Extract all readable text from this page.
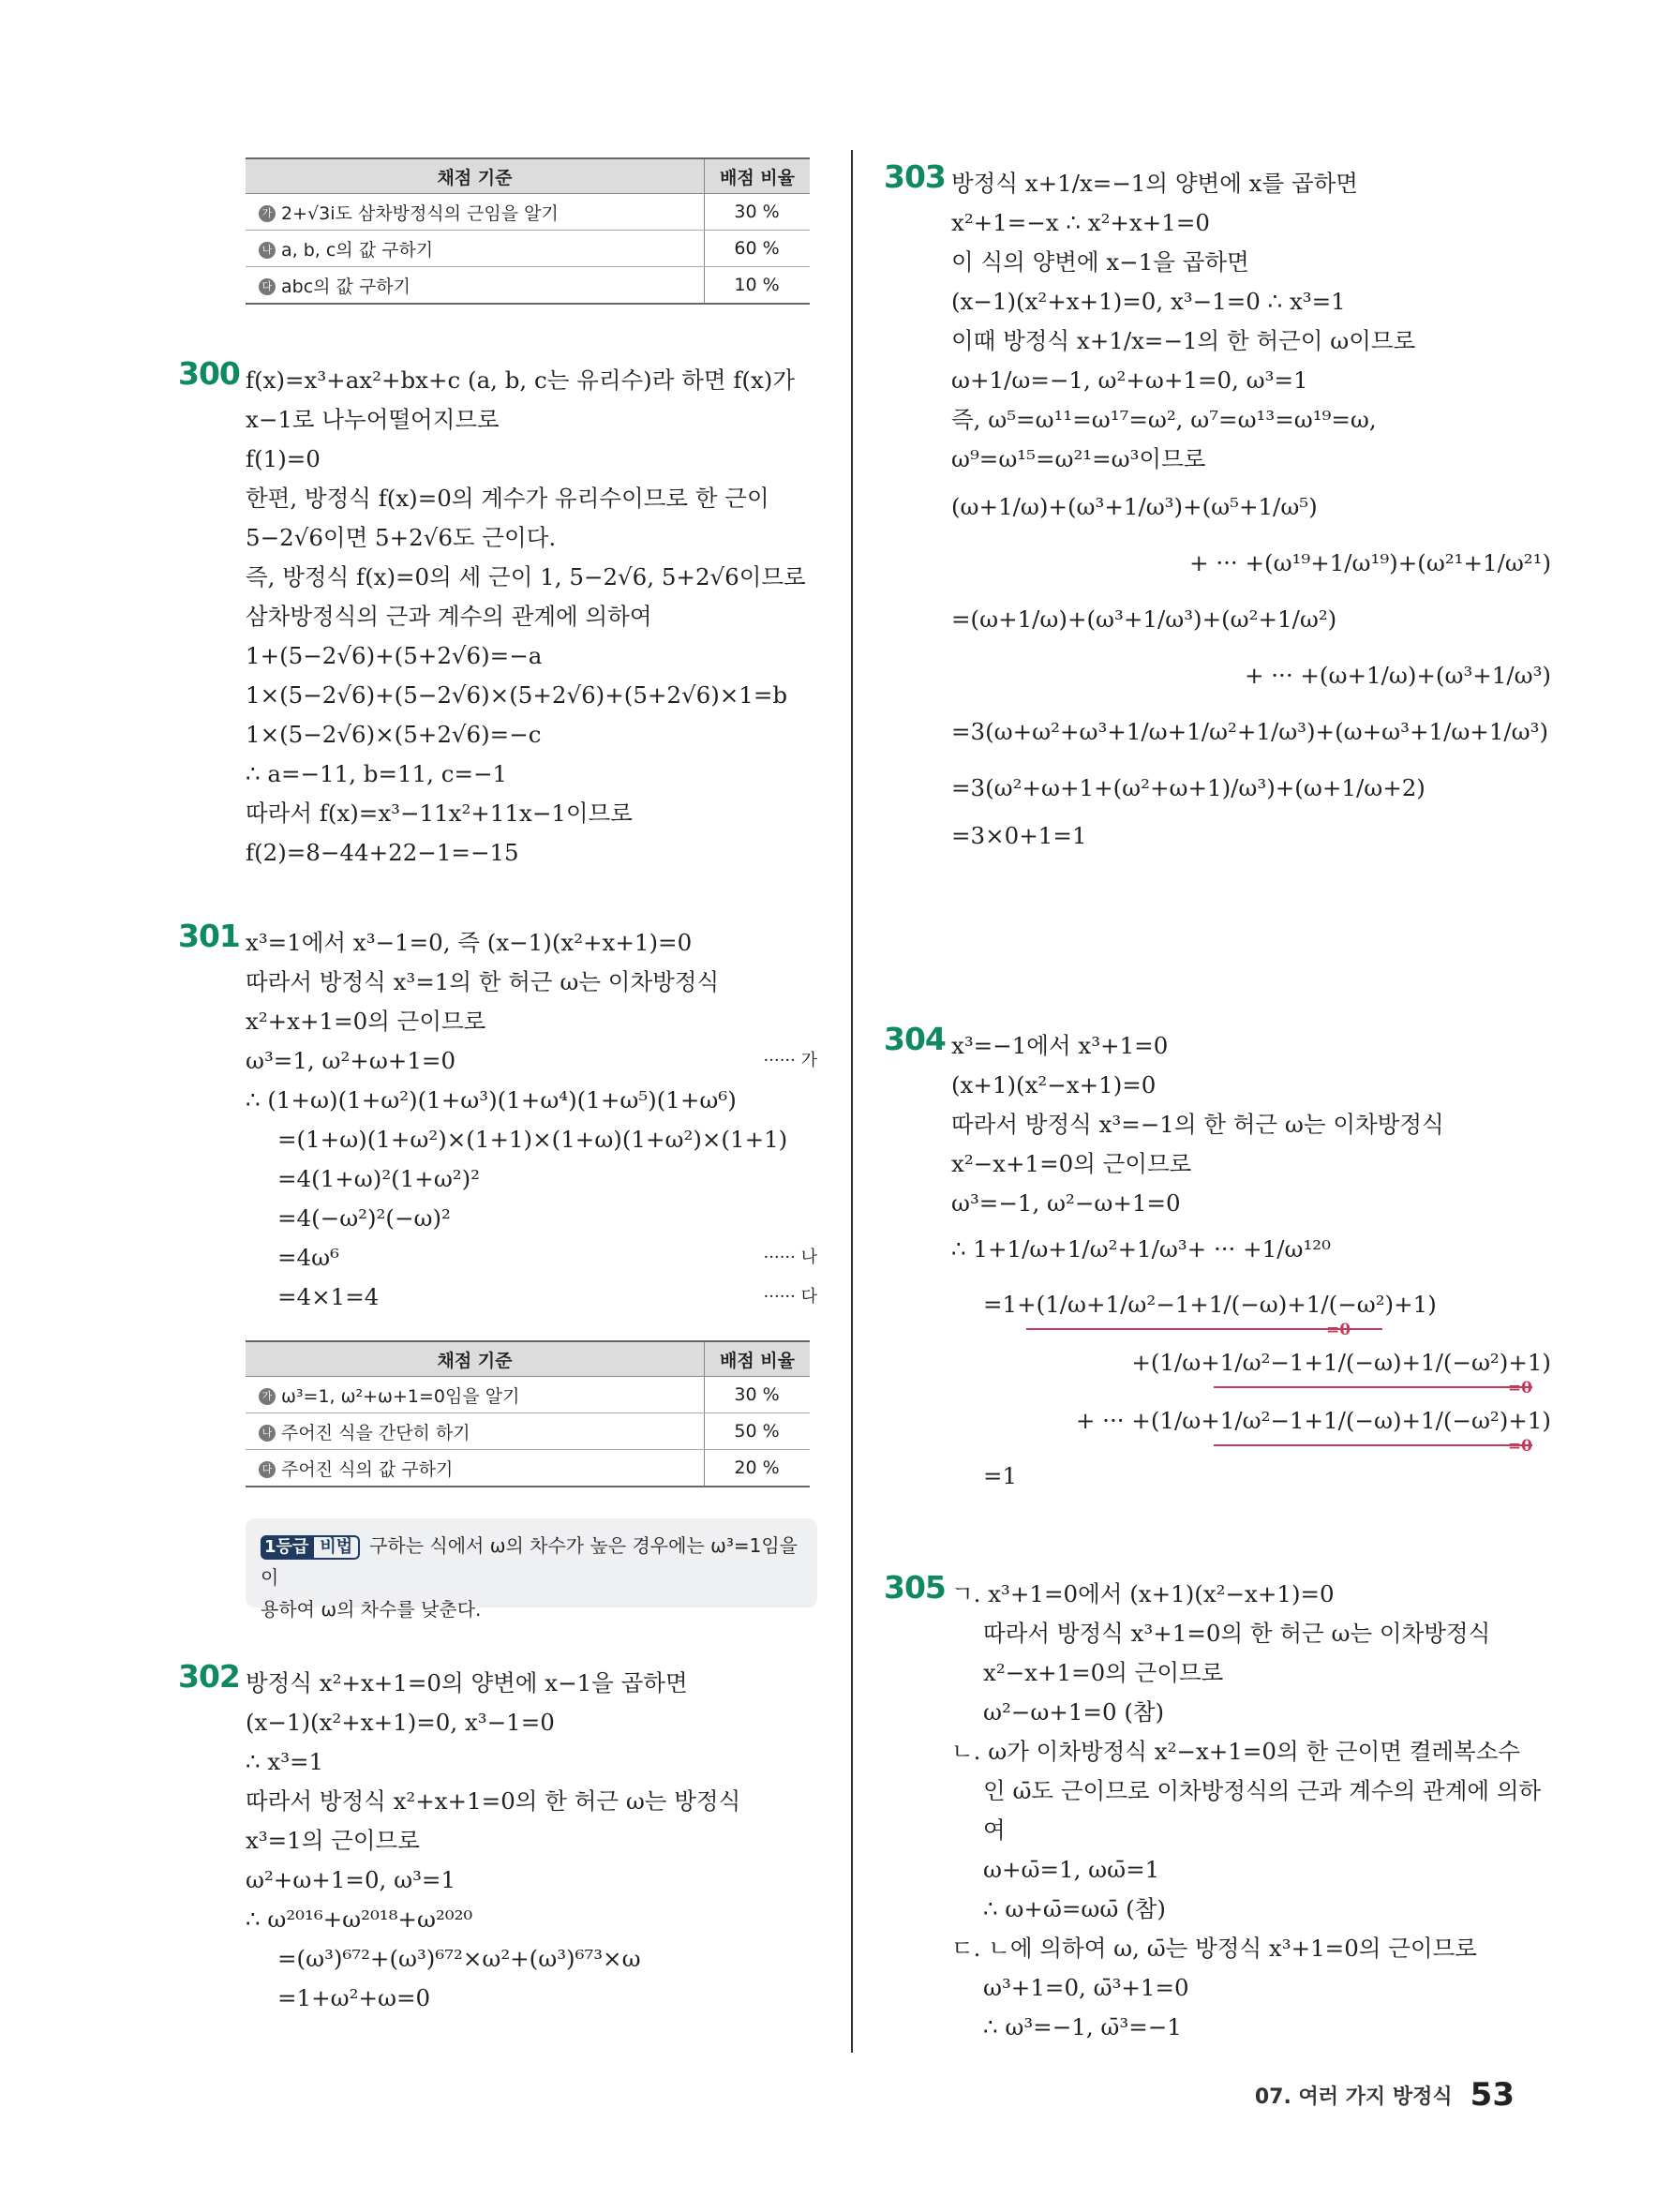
채점 기준	배점 비율
가 2+√3i도 삼차방정식의 근임을 알기	30 %
나 a, b, c의 값 구하기	60 %
다 abc의 값 구하기	10 %
300 f(x)=x³+ax²+bx+c (a, b, c는 유리수)라 하면 f(x)가
x−1로 나누어떨어지므로
f(1)=0
한편, 방정식 f(x)=0의 계수가 유리수이므로 한 근이
5−2√6이면 5+2√6도 근이다.
즉, 방정식 f(x)=0의 세 근이 1, 5−2√6, 5+2√6이므로
삼차방정식의 근과 계수의 관계에 의하여
1+(5−2√6)+(5+2√6)=−a
1×(5−2√6)+(5−2√6)×(5+2√6)+(5+2√6)×1=b
1×(5−2√6)×(5+2√6)=−c
∴ a=−11, b=11, c=−1
따라서 f(x)=x³−11x²+11x−1이므로
f(2)=8−44+22−1=−15
301 x³=1에서 x³−1=0, 즉 (x−1)(x²+x+1)=0
따라서 방정식 x³=1의 한 허근 ω는 이차방정식
x²+x+1=0의 근이므로
ω³=1, ω²+ω+1=0	······ 가
∴ (1+ω)(1+ω²)(1+ω³)(1+ω⁴)(1+ω⁵)(1+ω⁶)
=(1+ω)(1+ω²)×(1+1)×(1+ω)(1+ω²)×(1+1)
=4(1+ω)²(1+ω²)²
=4(−ω²)²(−ω)²
=4ω⁶	······ 나
=4×1=4	······ 다
채점 기준	배점 비율
가 ω³=1, ω²+ω+1=0임을 알기	30 %
나 주어진 식을 간단히 하기	50 %
다 주어진 식의 값 구하기	20 %
1등급 비법 구하는 식에서 ω의 차수가 높은 경우에는 ω³=1임을 이
용하여 ω의 차수를 낮춘다.
302 방정식 x²+x+1=0의 양변에 x−1을 곱하면
(x−1)(x²+x+1)=0, x³−1=0
∴ x³=1
따라서 방정식 x²+x+1=0의 한 허근 ω는 방정식
x³=1의 근이므로
ω²+ω+1=0, ω³=1
∴ ω²⁰¹⁶+ω²⁰¹⁸+ω²⁰²⁰
=(ω³)⁶⁷²+(ω³)⁶⁷²×ω²+(ω³)⁶⁷³×ω
=1+ω²+ω=0
303 방정식 x+1/x=−1의 양변에 x를 곱하면
x²+1=−x ∴ x²+x+1=0
이 식의 양변에 x−1을 곱하면
(x−1)(x²+x+1)=0, x³−1=0 ∴ x³=1
이때 방정식 x+1/x=−1의 한 허근이 ω이므로
ω+1/ω=−1, ω²+ω+1=0, ω³=1
즉, ω⁵=ω¹¹=ω¹⁷=ω², ω⁷=ω¹³=ω¹⁹=ω,
ω⁹=ω¹⁵=ω²¹=ω³이므로
(ω+1/ω)+(ω³+1/ω³)+(ω⁵+1/ω⁵)
+ ··· +(ω¹⁹+1/ω¹⁹)+(ω²¹+1/ω²¹)
=(ω+1/ω)+(ω³+1/ω³)+(ω²+1/ω²)
+ ··· +(ω+1/ω)+(ω³+1/ω³)
=3(ω+ω²+ω³+1/ω+1/ω²+1/ω³)+(ω+ω³+1/ω+1/ω³)
=3(ω²+ω+1+(ω²+ω+1)/ω³)+(ω+1/ω+2)
=3×0+1=1
304 x³=−1에서 x³+1=0
(x+1)(x²−x+1)=0
따라서 방정식 x³=−1의 한 허근 ω는 이차방정식
x²−x+1=0의 근이므로
ω³=−1, ω²−ω+1=0
∴ 1+1/ω+1/ω²+1/ω³+ ··· +1/ω¹²⁰
=1+(1/ω+1/ω²−1+1/(−ω)+1/(−ω²)+1)
=0
+(1/ω+1/ω²−1+1/(−ω)+1/(−ω²)+1)
=0
+ ··· +(1/ω+1/ω²−1+1/(−ω)+1/(−ω²)+1)
=0
=1
305 ㄱ. x³+1=0에서 (x+1)(x²−x+1)=0
따라서 방정식 x³+1=0의 한 허근 ω는 이차방정식
x²−x+1=0의 근이므로
ω²−ω+1=0 (참)
ㄴ. ω가 이차방정식 x²−x+1=0의 한 근이면 켤레복소수
인 ω̄도 근이므로 이차방정식의 근과 계수의 관계에 의하
여
ω+ω̄=1, ωω̄=1
∴ ω+ω̄=ωω̄ (참)
ㄷ. ㄴ에 의하여 ω, ω̄는 방정식 x³+1=0의 근이므로
ω³+1=0, ω̄³+1=0
∴ ω³=−1, ω̄³=−1
07. 여러 가지 방정식 53
